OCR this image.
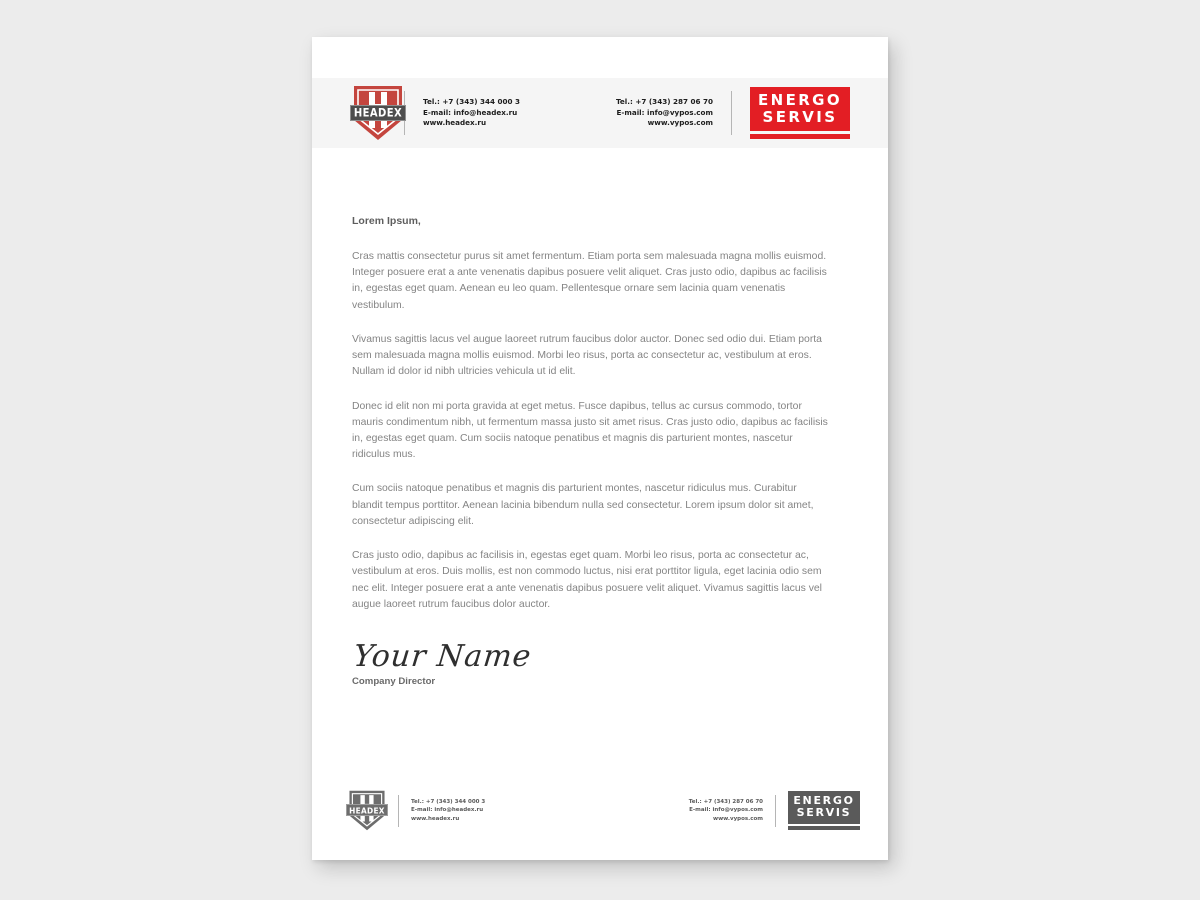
HEADEX
Tel.: +7 (343) 344 000 3
E-mail: info@headex.ru
www.headex.ru
Tel.: +7 (343) 287 06 70
E-mail: info@vypos.com
www.vypos.com
ENERGO
SERVIS
Lorem Ipsum,
Cras mattis consectetur purus sit amet fermentum. Etiam porta sem malesuada magna mollis euismod. Integer posuere erat a ante venenatis dapibus posuere velit aliquet. Cras justo odio, dapibus ac facilisis in, egestas eget quam. Aenean eu leo quam. Pellentesque ornare sem lacinia quam venenatis vestibulum.
Vivamus sagittis lacus vel augue laoreet rutrum faucibus dolor auctor. Donec sed odio dui. Etiam porta sem malesuada magna mollis euismod. Morbi leo risus, porta ac consectetur ac, vestibulum at eros. Nullam id dolor id nibh ultricies vehicula ut id elit.
Donec id elit non mi porta gravida at eget metus. Fusce dapibus, tellus ac cursus commodo, tortor mauris condimentum nibh, ut fermentum massa justo sit amet risus. Cras justo odio, dapibus ac facilisis in, egestas eget quam. Cum sociis natoque penatibus et magnis dis parturient montes, nascetur ridiculus mus.
Cum sociis natoque penatibus et magnis dis parturient montes, nascetur ridiculus mus. Curabitur blandit tempus porttitor. Aenean lacinia bibendum nulla sed consectetur. Lorem ipsum dolor sit amet, consectetur adipiscing elit.
Cras justo odio, dapibus ac facilisis in, egestas eget quam. Morbi leo risus, porta ac consectetur ac, vestibulum at eros. Duis mollis, est non commodo luctus, nisi erat porttitor ligula, eget lacinia odio sem nec elit. Integer posuere erat a ante venenatis dapibus posuere velit aliquet. Vivamus sagittis lacus vel augue laoreet rutrum faucibus dolor auctor.
Your Name
Company Director
HEADEX
Tel.: +7 (343) 344 000 3
E-mail: info@headex.ru
www.headex.ru
Tel.: +7 (343) 287 06 70
E-mail: info@vypos.com
www.vypos.com
ENERGO
SERVIS
